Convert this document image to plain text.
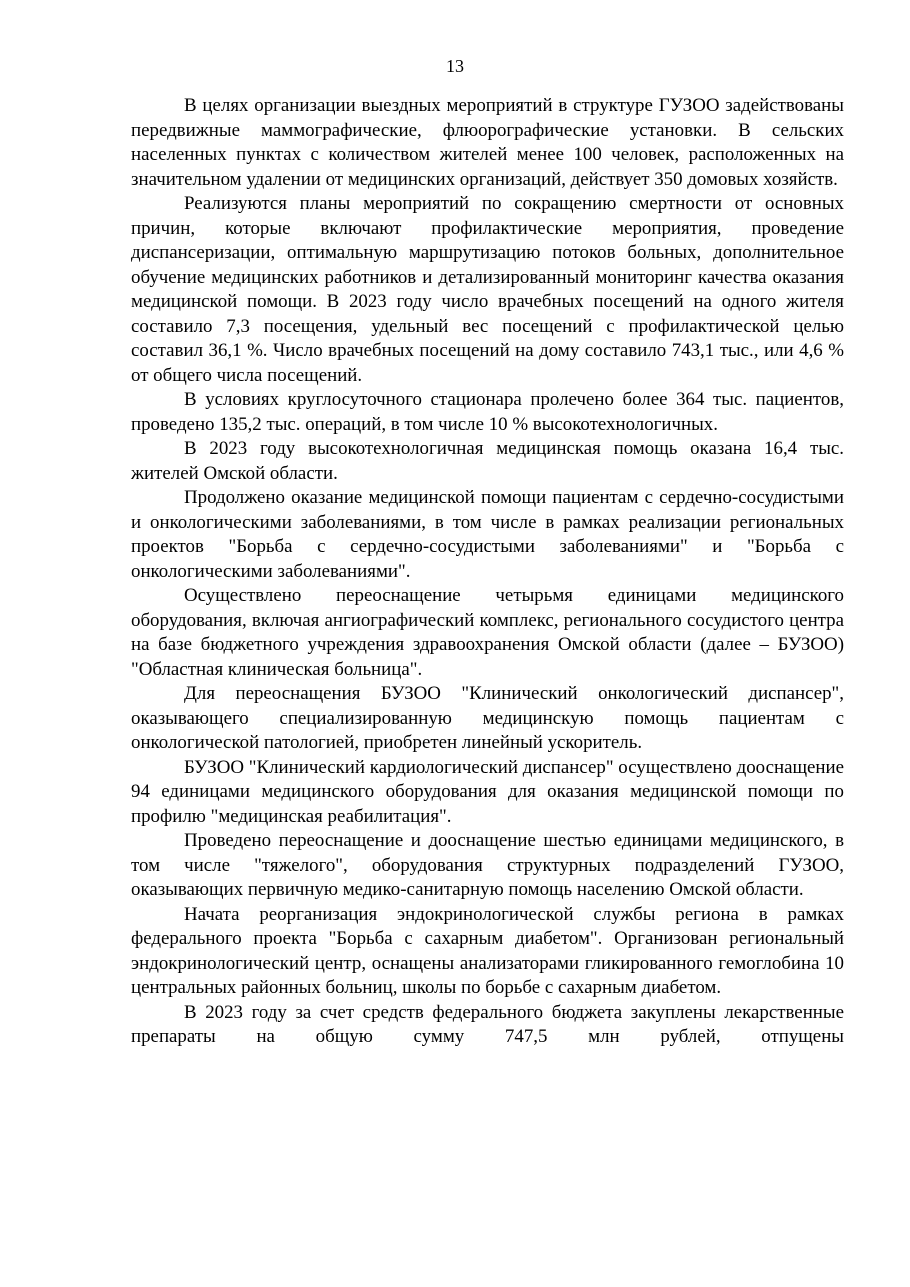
13

В целях организации выездных мероприятий в структуре ГУЗОО задействованы передвижные маммографические, флюорографические установки. В сельских населенных пунктах с количеством жителей менее 100 человек, расположенных на значительном удалении от медицинских организаций, действует 350 домовых хозяйств.

Реализуются планы мероприятий по сокращению смертности от основных причин, которые включают профилактические мероприятия, проведение диспансеризации, оптимальную маршрутизацию потоков больных, дополнительное обучение медицинских работников и детализированный мониторинг качества оказания медицинской помощи. В 2023 году число врачебных посещений на одного жителя составило 7,3 посещения, удельный вес посещений с профилактической целью составил 36,1 %. Число врачебных посещений на дому составило 743,1 тыс., или 4,6 % от общего числа посещений.

В условиях круглосуточного стационара пролечено более 364 тыс. пациентов, проведено 135,2 тыс. операций, в том числе 10 % высокотехнологичных.

В 2023 году высокотехнологичная медицинская помощь оказана 16,4 тыс. жителей Омской области.

Продолжено оказание медицинской помощи пациентам с сердечно-сосудистыми и онкологическими заболеваниями, в том числе в рамках реализации региональных проектов "Борьба с сердечно-сосудистыми заболеваниями" и "Борьба с онкологическими заболеваниями".

Осуществлено переоснащение четырьмя единицами медицинского оборудования, включая ангиографический комплекс, регионального сосудистого центра на базе бюджетного учреждения здравоохранения Омской области (далее – БУЗОО) "Областная клиническая больница".

Для переоснащения БУЗОО "Клинический онкологический диспансер", оказывающего специализированную медицинскую помощь пациентам с онкологической патологией, приобретен линейный ускоритель.

БУЗОО "Клинический кардиологический диспансер" осуществлено дооснащение 94 единицами медицинского оборудования для оказания медицинской помощи по профилю "медицинская реабилитация".

Проведено переоснащение и дооснащение шестью единицами медицинского, в том числе "тяжелого", оборудования структурных подразделений ГУЗОО, оказывающих первичную медико-санитарную помощь населению Омской области.

Начата реорганизация эндокринологической службы региона в рамках федерального проекта "Борьба с сахарным диабетом". Организован региональный эндокринологический центр, оснащены анализаторами гликированного гемоглобина 10 центральных районных больниц, школы по борьбе с сахарным диабетом.

В 2023 году за счет средств федерального бюджета закуплены лекарственные препараты на общую сумму 747,5 млн рублей, отпущены
